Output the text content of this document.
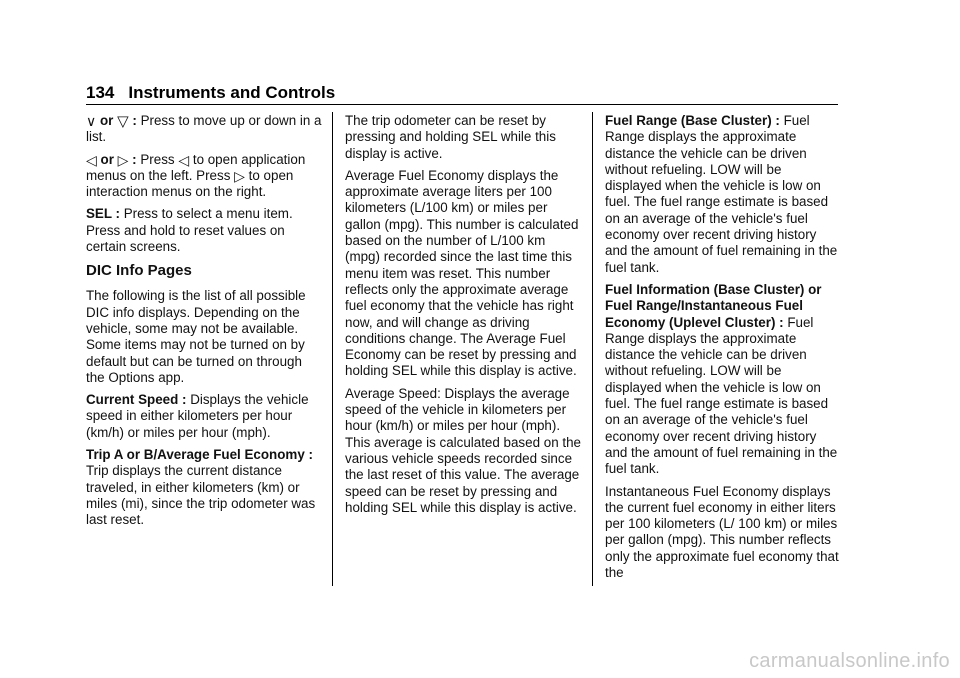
134 Instruments and Controls

∨ or ▽ : Press to move up or down in a list.

◁ or ▷ : Press ◁ to open application menus on the left. Press ▷ to open interaction menus on the right.

SEL : Press to select a menu item. Press and hold to reset values on certain screens.

DIC Info Pages

The following is the list of all possible DIC info displays. Depending on the vehicle, some may not be available. Some items may not be turned on by default but can be turned on through the Options app.

Current Speed : Displays the vehicle speed in either kilometers per hour (km/h) or miles per hour (mph).

Trip A or B/Average Fuel Economy : Trip displays the current distance traveled, in either kilometers (km) or miles (mi), since the trip odometer was last reset.

The trip odometer can be reset by pressing and holding SEL while this display is active.

Average Fuel Economy displays the approximate average liters per 100 kilometers (L/100 km) or miles per gallon (mpg). This number is calculated based on the number of L/100 km (mpg) recorded since the last time this menu item was reset. This number reflects only the approximate average fuel economy that the vehicle has right now, and will change as driving conditions change. The Average Fuel Economy can be reset by pressing and holding SEL while this display is active.

Average Speed: Displays the average speed of the vehicle in kilometers per hour (km/h) or miles per hour (mph). This average is calculated based on the various vehicle speeds recorded since the last reset of this value. The average speed can be reset by pressing and holding SEL while this display is active.

Fuel Range (Base Cluster) : Fuel Range displays the approximate distance the vehicle can be driven without refueling. LOW will be displayed when the vehicle is low on fuel. The fuel range estimate is based on an average of the vehicle's fuel economy over recent driving history and the amount of fuel remaining in the fuel tank.

Fuel Information (Base Cluster) or Fuel Range/Instantaneous Fuel Economy (Uplevel Cluster) : Fuel Range displays the approximate distance the vehicle can be driven without refueling. LOW will be displayed when the vehicle is low on fuel. The fuel range estimate is based on an average of the vehicle's fuel economy over recent driving history and the amount of fuel remaining in the fuel tank.

Instantaneous Fuel Economy displays the current fuel economy in either liters per 100 kilometers (L/ 100 km) or miles per gallon (mpg). This number reflects only the approximate fuel economy that the

carmanualsonline.info
